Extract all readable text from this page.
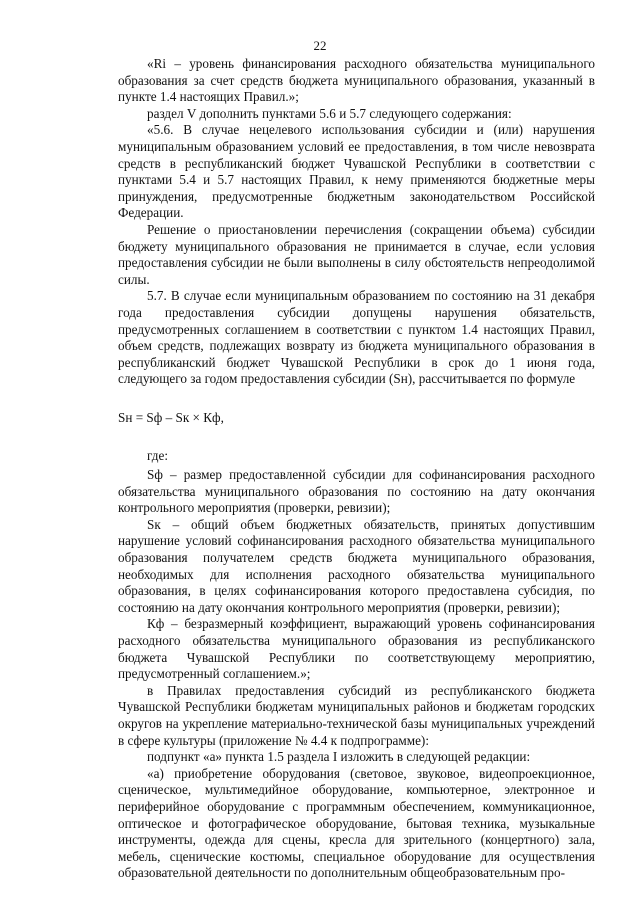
22

«Ri – уровень финансирования расходного обязательства муниципального образования за счет средств бюджета муниципального образования, указанный в пункте 1.4 настоящих Правил.»;

раздел V дополнить пунктами 5.6 и 5.7 следующего содержания:

«5.6. В случае нецелевого использования субсидии и (или) нарушения муниципальным образованием условий ее предоставления, в том числе невозврата средств в республиканский бюджет Чувашской Республики в соответствии с пунктами 5.4 и 5.7 настоящих Правил, к нему применяются бюджетные меры принуждения, предусмотренные бюджетным законодательством Российской Федерации.

Решение о приостановлении перечисления (сокращении объема) субсидии бюджету муниципального образования не принимается в случае, если условия предоставления субсидии не были выполнены в силу обстоятельств непреодолимой силы.

5.7. В случае если муниципальным образованием по состоянию на 31 декабря года предоставления субсидии допущены нарушения обязательств, предусмотренных соглашением в соответствии с пунктом 1.4 настоящих Правил, объем средств, подлежащих возврату из бюджета муниципального образования в республиканский бюджет Чувашской Республики в срок до 1 июня года, следующего за годом предоставления субсидии (Sн), рассчитывается по формуле

Sн = Sф – Sк × Кф,

где:

Sф – размер предоставленной субсидии для софинансирования расходного обязательства муниципального образования по состоянию на дату окончания контрольного мероприятия (проверки, ревизии);

Sк – общий объем бюджетных обязательств, принятых допустившим нарушение условий софинансирования расходного обязательства муниципального образования получателем средств бюджета муниципального образования, необходимых для исполнения расходного обязательства муниципального образования, в целях софинансирования которого предоставлена субсидия, по состоянию на дату окончания контрольного мероприятия (проверки, ревизии);

Кф – безразмерный коэффициент, выражающий уровень софинансирования расходного обязательства муниципального образования из республиканского бюджета Чувашской Республики по соответствующему мероприятию, предусмотренный соглашением.»;

в Правилах предоставления субсидий из республиканского бюджета Чувашской Республики бюджетам муниципальных районов и бюджетам городских округов на укрепление материально-технической базы муниципальных учреждений в сфере культуры (приложение № 4.4 к подпрограмме):

подпункт «а» пункта 1.5 раздела I изложить в следующей редакции:

«а) приобретение оборудования (световое, звуковое, видеопроекционное, сценическое, мультимедийное оборудование, компьютерное, электронное и периферийное оборудование с программным обеспечением, коммуникационное, оптическое и фотографическое оборудование, бытовая техника, музыкальные инструменты, одежда для сцены, кресла для зрительного (концертного) зала, мебель, сценические костюмы, специальное оборудование для осуществления образовательной деятельности по дополнительным общеобразовательным про-
